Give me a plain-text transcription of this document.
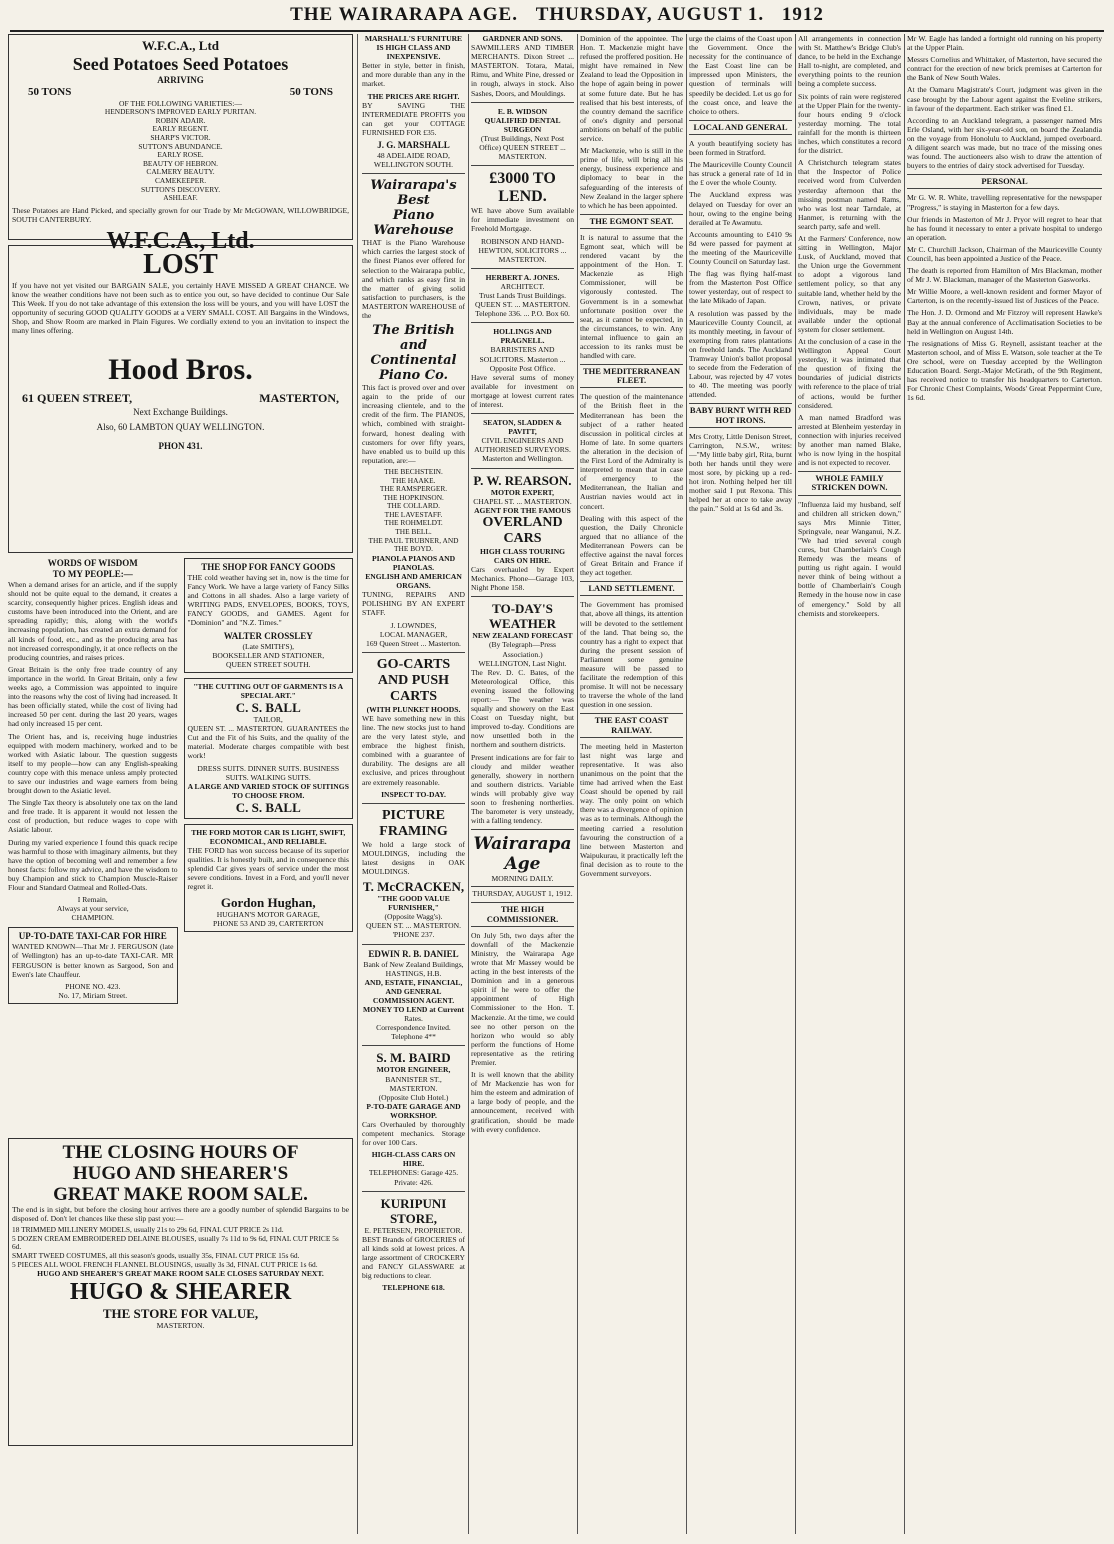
THE WAIRARAPA AGE. THURSDAY, AUGUST 1. 1912
W.F.C.A., Ltd
Seed Potatoes Seed Potatoes
ARRIVING
50 TONS	50 TONS
OF THE FOLLOWING VARIETIES:—
HENDERSON'S IMPROVED EARLY PURITAN.
ROBIN ADAIR.
EARLY REGENT.
SHARP'S VICTOR.
SUTTON'S ABUNDANCE.
EARLY ROSE.
BEAUTY OF HEBRON.
CALMERY BEAUTY.
CAMEKEEPER.
SUTTON'S DISCOVERY.
ASHLEAF.
These Potatoes are Hand Picked, and specially grown for our Trade by Mr McGOWAN, WILLOWBRIDGE, SOUTH CANTERBURY.
W.F.C.A., Ltd.
LOST
If you have not yet visited our BARGAIN SALE, you certainly HAVE MISSED A GREAT CHANCE. We know the weather conditions have not been such as to entice you out, so have decided to continue Our Sale This Week. If you do not take advantage of this extension the loss will be yours, and you will have LOST the opportunity of securing GOOD QUALITY GOODS at a VERY SMALL COST. All Bargains in the Windows, Shop, and Show Room are marked in Plain Figures. We cordially extend to you an invitation to inspect the many lines offering.
Hood Bros.
61 QUEEN STREET,	MASTERTON,
Next Exchange Buildings.
Also, 60 LAMBTON QUAY WELLINGTON.
PHON 431.
WORDS OF WISDOM
TO MY PEOPLE:—

When a demand arises for an article, and if the supply should not be quite equal to the demand, it creates a scarcity, consequently higher prices. English ideas and customs have been introduced into the Orient, and are spreading rapidly; this, along with the world's increasing population, has created an extra demand for all kinds of food, etc., and as the producing area has not increased correspondingly, it at once reflects on the producing countries, and raises prices.

Great Britain is the only free trade country of any importance in the world. In Great Britain, only a few weeks ago, a Commission was appointed to inquire into the reasons why the cost of living had increased. It has been officially stated, while the cost of living had increased 50 per cent. during the last 20 years, wages had only increased 15 per cent.

The Orient has, and is, receiving huge industries equipped with modern machinery, worked and to be worked with Asiatic labour. The question suggests itself to my people—how can any English-speaking country cope with this menace unless amply protected to save our industries and wage earners from being brought down to the Asiatic level.

The Single Tax theory is absolutely one tax on the land and free trade. It is apparent it would not lessen the cost of production, but reduce wages to cope with Asiatic labour.

During my varied experience I found this quack recipe was harmful to those with imaginary ailments, but they have the option of becoming well and remember a few honest facts: follow my advice, and have the wisdom to buy Champion and stick to Champion Muscle-Raiser Flour and Standard Oatmeal and Rolled-Oats.

I Remain,
Always at your service,
CHAMPION.
UP-TO-DATE TAXI-CAR FOR HIRE

WANTED KNOWN—That Mr J. FERGUSON (late of Wellington) has an up-to-date TAXI-CAR. MR FERGUSON is better known as Sargood, Son and Ewen's late Chauffeur.

PHONE NO. 423.
No. 17, Miriam Street.
THE SHOP FOR FANCY GOODS

THE cold weather having set in, now is the time for Fancy Work. We have a large variety of Fancy Silks and Cottons in all shades. Also a large variety of WRITING PADS, ENVELOPES, BOOKS, TOYS, FANCY GOODS, and GAMES. Agent for "Dominion" and "N.Z. Times."

WALTER CROSSLEY
(Late SMITH'S),
BOOKSELLER AND STATIONER,
QUEEN STREET SOUTH.
"THE CUTTING OUT OF GARMENTS IS A SPECIAL ART."
C. S. BALL
TAILOR,

QUEEN ST. ... MASTERTON. GUARANTEES the Cut and the Fit of his Suits, and the quality of the material. Moderate charges compatible with best work!

DRESS SUITS. DINNER SUITS. BUSINESS SUITS. WALKING SUITS.
A LARGE AND VARIED STOCK OF SUITINGS TO CHOOSE FROM.
C. S. BALL
THE FORD MOTOR CAR IS LIGHT, SWIFT, ECONOMICAL, AND RELIABLE.

THE FORD has won success because of its superior qualities. It is honestly built, and in consequence this splendid Car gives years of service under the most severe conditions. Invest in a Ford, and you'll never regret it.

Gordon Hughan,
HUGHAN'S MOTOR GARAGE,
PHONE 53 AND 39, CARTERTON
THE CLOSING HOURS OF
HUGO AND SHEARER'S
GREAT MAKE ROOM SALE.

The end is in sight, but before the closing hour arrives there are a goodly number of splendid Bargains to be disposed of. Don't let chances like these slip past you:—

18 TRIMMED MILLINERY MODELS, usually 21s to 29s 6d, FINAL CUT PRICE 2s 11d.
5 DOZEN CREAM EMBROIDERED DELAINE BLOUSES, usually 7s 11d to 9s 6d, FINAL CUT PRICE 5s 6d.
SMART TWEED COSTUMES, all this season's goods, usually 35s, FINAL CUT PRICE 15s 6d.
5 PIECES ALL WOOL FRENCH FLANNEL BLOUSINGS, usually 3s 3d, FINAL CUT PRICE 1s 6d.
HUGO AND SHEARER'S GREAT MAKE ROOM SALE CLOSES SATURDAY NEXT.
HUGO & SHEARER
THE STORE FOR VALUE,
MASTERTON.
MARSHALL'S FURNITURE IS HIGH CLASS AND INEXPENSIVE.

Better in style, better in finish, and more durable than any in the market.

THE PRICES ARE RIGHT.

BY SAVING THE INTERMEDIATE PROFITS you can get your COTTAGE FURNISHED FOR £35.

J. G. MARSHALL
48 ADELAIDE ROAD, WELLINGTON SOUTH.
Wairarapa's Best
Piano Warehouse

THAT is the Piano Warehouse which carries the largest stock of the finest Pianos ever offered for selection to the Wairarapa public, and which ranks as easy first in the matter of giving solid satisfaction to purchasers, is the MASTERTON WAREHOUSE of the

The British and Continental Piano Co.

This fact is proved over and over again to the pride of our increasing clientele, and to the credit of the firm. The PIANOS, which, combined with straight-forward, honest dealing with customers for over fifty years, have enabled us to build up this reputation, are:—

THE BECHSTEIN.
THE HAAKE.
THE RAMSPERGER.
THE HOPKINSON.
THE COLLARD.
THE LAVESTAFF.
THE ROHMELDT.
THE BELL.
THE PAUL TRUBNER, AND
THE BOYD.
PIANOLA PIANOS AND PIANOLAS.
ENGLISH AND AMERICAN ORGANS.

TUNING, REPAIRS AND POLISHING BY AN EXPERT STAFF.

J. LOWNDES,
LOCAL MANAGER,
169 Queen Street ... Masterton.
GO-CARTS AND PUSH CARTS
(WITH PLUNKET HOODS.

WE have something new in this line. The new stocks just to hand are the very latest style, and embrace the highest finish, combined with a guarantee of durability. The designs are all exclusive, and prices throughout are extremely reasonable.

INSPECT TO-DAY.
PICTURE FRAMING

We hold a large stock of MOULDINGS, including the latest designs in OAK MOULDINGS.

T. McCRACKEN,
"THE GOOD VALUE FURNISHER,"
(Opposite Wagg's).
QUEEN ST. ... MASTERTON.
'PHONE 237.
EDWIN R. B. DANIEL
Bank of New Zealand Buildings,
HASTINGS, H.B.
AND, ESTATE, FINANCIAL,
AND GENERAL COMMISSION AGENT.
MONEY TO LEND at Current
Rates.
Correspondence Invited. Telephone 4**
S. M. BAIRD
MOTOR ENGINEER,
BANNISTER ST., MASTERTON.
(Opposite Club Hotel.)
P-TO-DATE GARAGE AND WORKSHOP.

Cars Overhauled by thoroughly competent mechanics. Storage for over 100 Cars.

HIGH-CLASS CARS ON HIRE.
TELEPHONES: Garage 425. Private: 426.
KURIPUNI STORE,
E. PETERSEN, PROPRIETOR.

BEST Brands of GROCERIES of all kinds sold at lowest prices. A large assortment of CROCKERY and FANCY GLASSWARE at big reductions to clear.

TELEPHONE 618.
GARDNER AND SONS.

SAWMILLERS AND TIMBER MERCHANTS. Dixon Street ... MASTERTON. Totara, Matai, Rimu, and White Pine, dressed or in rough, always in stock. Also Sashes, Doors, and Mouldings.

E. B. WIDSON
QUALIFIED DENTAL SURGEON
(Trust Buildings, Next Post Office) QUEEN STREET ... MASTERTON.
£3000 TO LEND.

WE have above Sum available for immediate investment on Freehold Mortgage.

ROBINSON AND HAND-HEWTON, SOLICITORS ... MASTERTON.
HERBERT A. JONES.
ARCHITECT.
Trust Lands Trust Buildings.
QUEEN ST. ... MASTERTON. Telephone 336. ... P.O. Box 60.
HOLLINGS AND PRAGNELL.
BARRISTERS AND SOLICITORS. Masterton ... Opposite Post Office.

Have several sums of money available for investment on mortgage at lowest current rates of interest.

SEATON, SLADDEN & PAVITT,
CIVIL ENGINEERS AND AUTHORISED SURVEYORS.
Masterton and Wellington.
P. W. REARSON.
MOTOR EXPERT,
CHAPEL ST. ... MASTERTON.
AGENT FOR THE FAMOUS
OVERLAND CARS
HIGH CLASS TOURING CARS ON HIRE.

Cars overhauled by Expert Mechanics. Phone—Garage 103, Night Phone 158.

TO-DAY'S WEATHER
NEW ZEALAND FORECAST
(By Telegraph—Press Association.)
WELLINGTON, Last Night.

The Rev. D. C. Bates, of the Meteorological Office, this evening issued the following report:— The weather was squally and showery on the East Coast on Tuesday night, but improved to-day. Conditions are now unsettled both in the northern and southern districts.

Present indications are for fair to cloudy and milder weather generally, showery in northern and southern districts. Variable winds will probably give way soon to freshening northerlies. The barometer is very unsteady, with a falling tendency.

Wairarapa Age
MORNING DAILY.
THURSDAY, AUGUST 1, 1912.
THE HIGH COMMISSIONER.

On July 5th, two days after the downfall of the Mackenzie Ministry, the Wairarapa Age wrote that Mr Massey would be acting in the best interests of the Dominion and in a generous spirit if he were to offer the appointment of High Commissioner to the Hon. T. Mackenzie. At the time, we could see no other person on the horizon who would so ably perform the functions of Home representative as the retiring Premier.

It is well known that the ability of Mr Mackenzie has won for him the esteem and admiration of a large body of people, and the announcement, received with gratification, should be made with every confidence.

Dominion of the appointee. The Hon. T. Mackenzie might have refused the proffered position. He might have remained in New Zealand to lead the Opposition in the hope of again being in power at some future date. But he has realised that his best interests, of the country demand the sacrifice of one's dignity and personal ambitions on behalf of the public service.

Mr Mackenzie, who is still in the prime of life, will bring all his energy, business experience and diplomacy to bear in the safeguarding of the interests of New Zealand in the larger sphere to which he has been appointed.

THE EGMONT SEAT.

It is natural to assume that the Egmont seat, which will be rendered vacant by the appointment of the Hon. T. Mackenzie as High Commissioner, will be vigorously contested. The Government is in a somewhat unfortunate position over the seat, as it cannot be expected, in the circumstances, to win. Any internal influence to gain an accession to its ranks must be handled with care.

THE MEDITERRANEAN FLEET.

The question of the maintenance of the British fleet in the Mediterranean has been the subject of a rather heated discussion in political circles at Home of late. In some quarters the alteration in the decision of the First Lord of the Admiralty is interpreted to mean that in case of emergency to the Mediterranean, the Italian and Austrian navies would act in concert.

Dealing with this aspect of the question, the Daily Chronicle argued that no alliance of the Mediterranean Powers can be effective against the naval forces of Great Britain and France if they act together.

LAND SETTLEMENT.

The Government has promised that, above all things, its attention will be devoted to the settlement of the land. That being so, the country has a right to expect that during the present session of Parliament some genuine measure will be passed to facilitate the redemption of this promise. It will not be necessary to traverse the whole of the land question in one session.

THE EAST COAST RAILWAY.

The meeting held in Masterton last night was large and representative. It was also unanimous on the point that the time had arrived when the East Coast should be opened by rail way. The only point on which there was a divergence of opinion was as to terminals. Although the meeting carried a resolution favouring the construction of a line between Masterton and Waipukurau, it practically left the final decision as to route to the Government surveyors.

urge the claims of the Coast upon the Government. Once the necessity for the continuance of the East Coast line can be impressed upon Ministers, the question of terminals will speedily be decided. Let us go for the coast once, and leave the choice to others.

LOCAL AND GENERAL

A youth beautifying society has been formed in Stratford.

The Mauriceville County Council has struck a general rate of 1d in the £ over the whole County.

The Auckland express was delayed on Tuesday for over an hour, owing to the engine being derailed at Te Awamutu.

Accounts amounting to £410 9s 8d were passed for payment at the meeting of the Mauriceville County Council on Saturday last.

The flag was flying half-mast from the Masterton Post Office tower yesterday, out of respect to the late Mikado of Japan.

A resolution was passed by the Mauriceville County Council, at its monthly meeting, in favour of exempting from rates plantations on freehold lands. The Auckland Tramway Union's ballot proposal to secede from the Federation of Labour, was rejected by 47 votes to 40. The meeting was poorly attended.

BABY BURNT WITH RED HOT IRONS.

Mrs Crotty, Little Denison Street, Carrington, N.S.W., writes:—"My little baby girl, Rita, burnt both her hands until they were most sore, by picking up a red-hot iron. Nothing helped her till mother said I put Rexona. This helped her at once to take away the pain." Sold at 1s 6d and 3s.

All arrangements in connection with St. Matthew's Bridge Club's dance, to be held in the Exchange Hall to-night, are completed, and everything points to the reunion being a complete success.

Six points of rain were registered at the Upper Plain for the twenty-four hours ending 9 o'clock yesterday morning. The total rainfall for the month is thirteen inches, which constitutes a record for the district.

A Christchurch telegram states that the Inspector of Police received word from Culverden yesterday afternoon that the missing postman named Rams, who was lost near Tarndale, at Hanmer, is returning with the search party, safe and well.

At the Farmers' Conference, now sitting in Wellington, Major Lusk, of Auckland, moved that the Union urge the Government to adopt a vigorous land settlement policy, so that any suitable land, whether held by the Crown, natives, or private individuals, may be made available under the optional system for closer settlement.

At the conclusion of a case in the Wellington Appeal Court yesterday, it was intimated that the question of fixing the boundaries of judicial districts with reference to the place of trial of actions, would be further considered.

A man named Bradford was arrested at Blenheim yesterday in connection with injuries received by another man named Blake, who is now lying in the hospital and is not expected to recover.

WHOLE FAMILY STRICKEN DOWN.

"Influenza laid my husband, self and children all stricken down," says Mrs Minnie Titter, Springvale, near Wanganui, N.Z. "We had tried several cough cures, but Chamberlain's Cough Remedy was the means of putting us right again. I would never think of being without a bottle of Chamberlain's Cough Remedy in the house now in case of emergency." Sold by all chemists and storekeepers.

Mr W. Eagle has landed a fortnight old running on his property at the Upper Plain.

Messrs Cornelius and Whittaker, of Masterton, have secured the contract for the erection of new brick premises at Carterton for the Bank of New South Wales.

At the Oamaru Magistrate's Court, judgment was given in the case brought by the Labour agent against the Eveline strikers, in favour of the department. Each striker was fined £1.

According to an Auckland telegram, a passenger named Mrs Erle Osland, with her six-year-old son, on board the Zealandia on the voyage from Honolulu to Auckland, jumped overboard. A diligent search was made, but no trace of the missing ones was found. The auctioneers also wish to draw the attention of buyers to the entries of dairy stock advertised for Tuesday.

PERSONAL

Mr G. W. R. White, travelling representative for the newspaper "Progress," is staying in Masterton for a few days.

Our friends in Masterton of Mr J. Pryor will regret to hear that he has found it necessary to enter a private hospital to undergo an operation.

Mr C. Churchill Jackson, Chairman of the Mauriceville County Council, has been appointed a Justice of the Peace.

The death is reported from Hamilton of Mrs Blackman, mother of Mr J. W. Blackman, manager of the Masterton Gasworks.

Mr Willie Moore, a well-known resident and former Mayor of Carterton, is on the recently-issued list of Justices of the Peace.

The Hon. J. D. Ormond and Mr Fitzroy will represent Hawke's Bay at the annual conference of Acclimatisation Societies to be held in Wellington on August 14th.

The resignations of Miss G. Reynell, assistant teacher at the Masterton school, and of Miss E. Watson, sole teacher at the Te Ore school, were on Tuesday accepted by the Wellington Education Board. Sergt.-Major McGrath, of the 9th Regiment, has received notice to transfer his headquarters to Carterton. For Chronic Chest Complaints, Woods' Great Peppermint Cure, 1s 6d.
